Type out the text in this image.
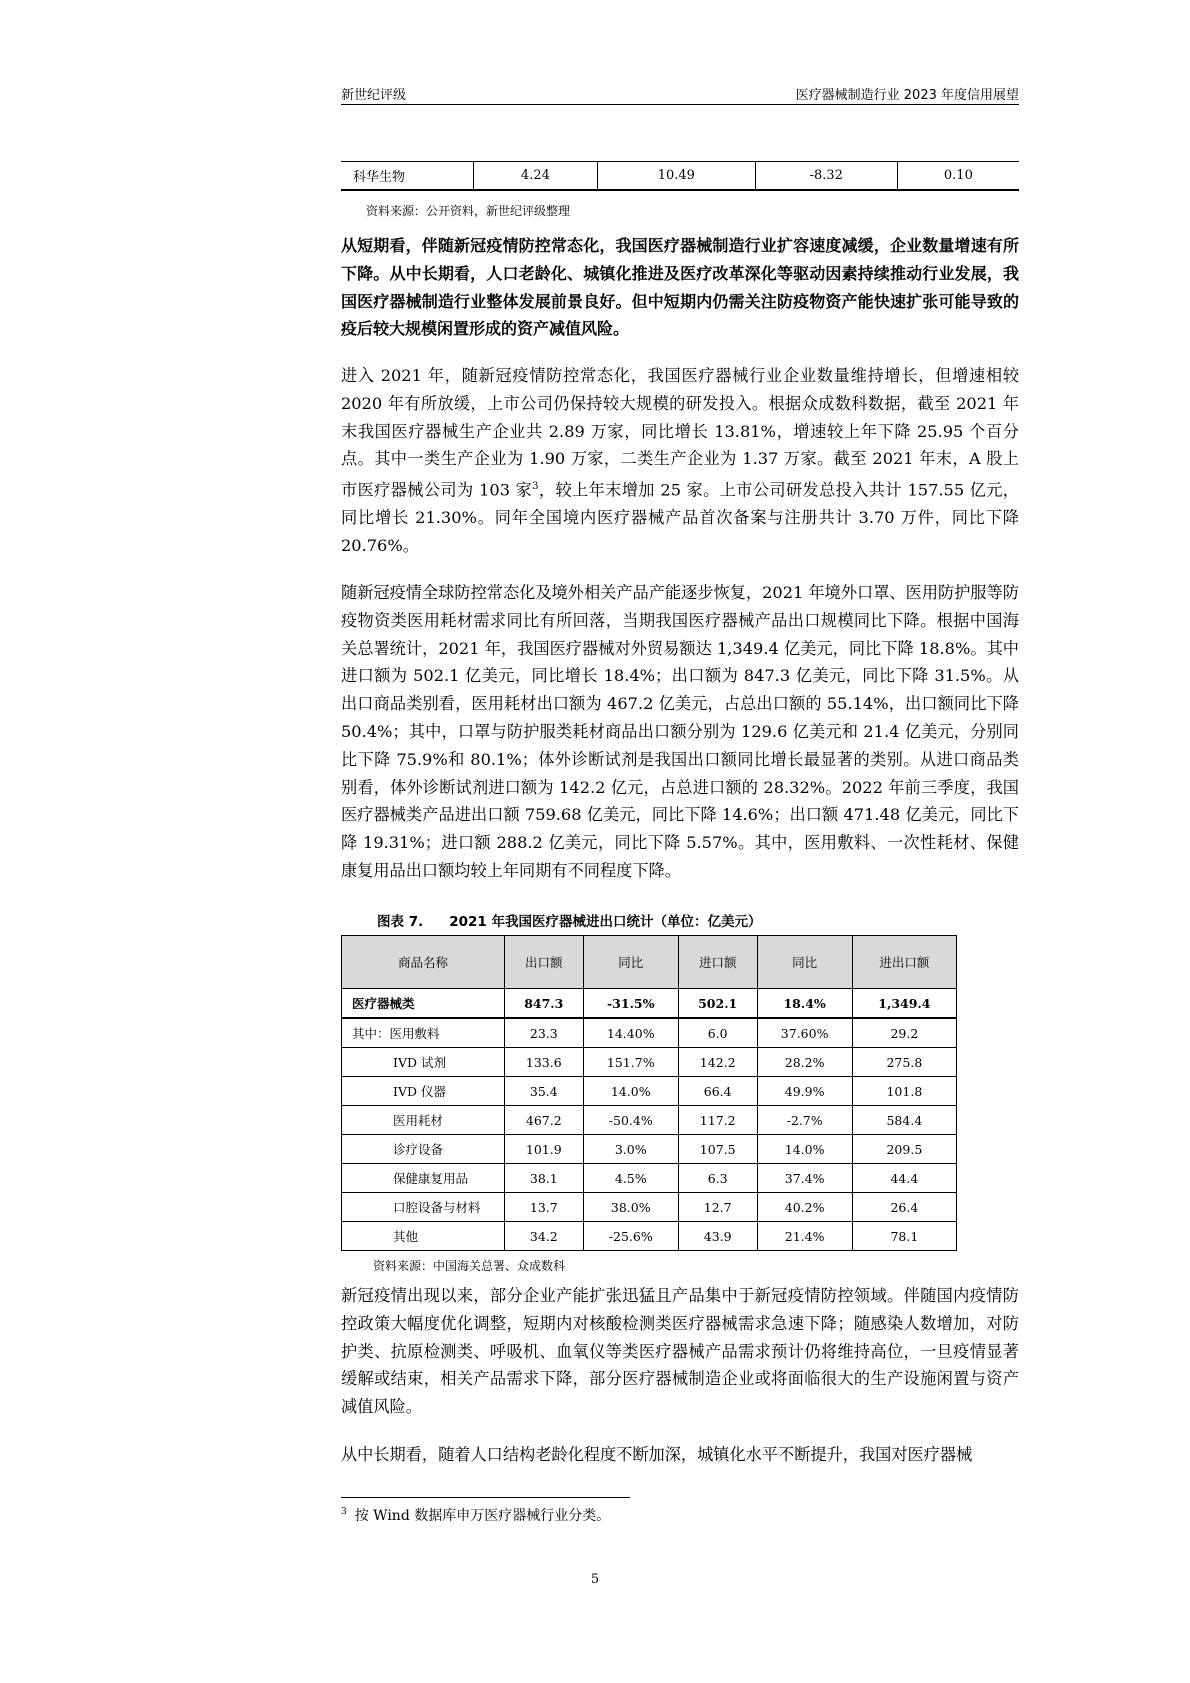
新世纪评级	医疗器械制造行业 2023 年度信用展望
科华生物	4.24	10.49	-8.32	0.10
资料来源：公开资料，新世纪评级整理

从短期看，伴随新冠疫情防控常态化，我国医疗器械制造行业扩容速度减缓，企业数量增速有所下降。从中长期看，人口老龄化、城镇化推进及医疗改革深化等驱动因素持续推动行业发展，我国医疗器械制造行业整体发展前景良好。但中短期内仍需关注防疫物资产能快速扩张可能导致的疫后较大规模闲置形成的资产减值风险。

进入 2021 年，随新冠疫情防控常态化，我国医疗器械行业企业数量维持增长，但增速相较 2020 年有所放缓，上市公司仍保持较大规模的研发投入。根据众成数科数据，截至 2021 年末我国医疗器械生产企业共 2.89 万家，同比增长 13.81%，增速较上年下降 25.95 个百分点。其中一类生产企业为 1.90 万家，二类生产企业为 1.37 万家。截至 2021 年末，A 股上市医疗器械公司为 103 家$^3$，较上年末增加 25 家。上市公司研发总投入共计 157.55 亿元，同比增长 21.30%。同年全国境内医疗器械产品首次备案与注册共计 3.70 万件，同比下降 20.76%。

随新冠疫情全球防控常态化及境外相关产品产能逐步恢复，2021 年境外口罩、医用防护服等防疫物资类医用耗材需求同比有所回落，当期我国医疗器械产品出口规模同比下降。根据中国海关总署统计，2021 年，我国医疗器械对外贸易额达 1,349.4 亿美元，同比下降 18.8%。其中进口额为 502.1 亿美元，同比增长 18.4%；出口额为 847.3 亿美元，同比下降 31.5%。从出口商品类别看，医用耗材出口额为 467.2 亿美元，占总出口额的 55.14%，出口额同比下降 50.4%；其中，口罩与防护服类耗材商品出口额分别为 129.6 亿美元和 21.4 亿美元，分别同比下降 75.9%和 80.1%；体外诊断试剂是我国出口额同比增长最显著的类别。从进口商品类别看，体外诊断试剂进口额为 142.2 亿元，占总进口额的 28.32%。2022 年前三季度，我国医疗器械类产品进出口额 759.68 亿美元，同比下降 14.6%；出口额 471.48 亿美元，同比下降 19.31%；进口额 288.2 亿美元，同比下降 5.57%。其中，医用敷料、一次性耗材、保健康复用品出口额均较上年同期有不同程度下降。

图表 7. 2021 年我国医疗器械进出口统计（单位：亿美元）
商品名称	出口额	同比	进口额	同比	进出口额
医疗器械类	847.3	-31.5%	502.1	18.4%	1,349.4
其中：医用敷料	23.3	14.40%	6.0	37.60%	29.2
IVD 试剂	133.6	151.7%	142.2	28.2%	275.8
IVD 仪器	35.4	14.0%	66.4	49.9%	101.8
医用耗材	467.2	-50.4%	117.2	-2.7%	584.4
诊疗设备	101.9	3.0%	107.5	14.0%	209.5
保健康复用品	38.1	4.5%	6.3	37.4%	44.4
口腔设备与材料	13.7	38.0%	12.7	40.2%	26.4
其他	34.2	-25.6%	43.9	21.4%	78.1
资料来源：中国海关总署、众成数科

新冠疫情出现以来，部分企业产能扩张迅猛且产品集中于新冠疫情防控领域。伴随国内疫情防控政策大幅度优化调整，短期内对核酸检测类医疗器械需求急速下降；随感染人数增加，对防护类、抗原检测类、呼吸机、血氧仪等类医疗器械产品需求预计仍将维持高位，一旦疫情显著缓解或结束，相关产品需求下降，部分医疗器械制造企业或将面临很大的生产设施闲置与资产减值风险。

从中长期看，随着人口结构老龄化程度不断加深，城镇化水平不断提升，我国对医疗器械

$^3$ 按 Wind 数据库申万医疗器械行业分类。
5
